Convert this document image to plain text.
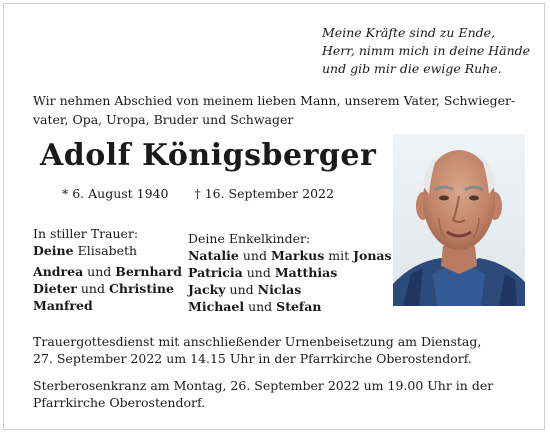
Meine Kräfte sind zu Ende,
Herr, nimm mich in deine Hände
und gib mir die ewige Ruhe.
Wir nehmen Abschied von meinem lieben Mann, unserem Vater, Schwieger-
vater, Opa, Uropa, Bruder und Schwager
Adolf Königsberger
* 6. August 1940 † 16. September 2022
In stiller Trauer:
Deine Elisabeth
Andrea und Bernhard
Dieter und Christine
Manfred
Deine Enkelkinder:
Natalie und Markus mit Jonas
Patricia und Matthias
Jacky und Niclas
Michael und Stefan
Trauergottesdienst mit anschließender Urnenbeisetzung am Dienstag,
27. September 2022 um 14.15 Uhr in der Pfarrkirche Oberostendorf.
Sterberosenkranz am Montag, 26. September 2022 um 19.00 Uhr in der
Pfarrkirche Oberostendorf.
